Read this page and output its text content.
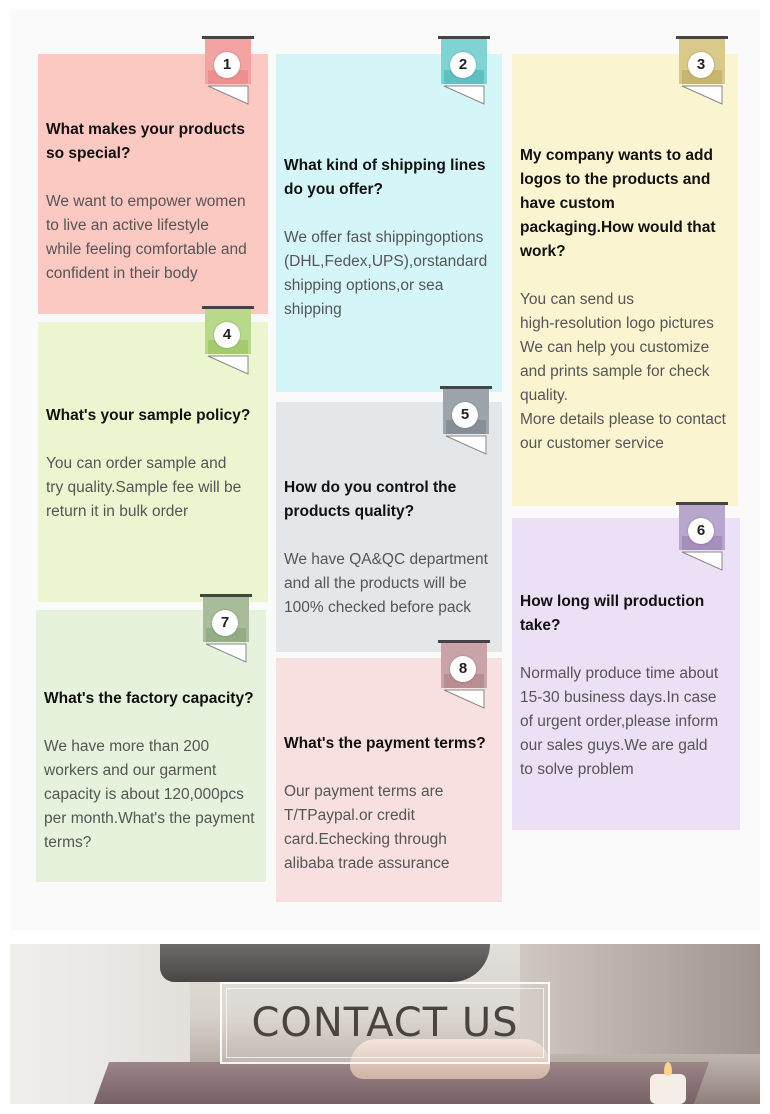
What makes your products
so special?
We want to empower women
to live an active lifestyle
while feeling comfortable and
confident in their body
1
What kind of shipping lines
do you offer?
We offer fast shippingoptions
(DHL,Fedex,UPS),orstandard
shipping options,or sea
shipping
2
My company wants to add
logos to the products and
have custom
packaging.How would that
work?
You can send us
high-resolution logo pictures
We can help you customize
and prints sample for check
quality.
More details please to contact
our customer service
3
What's your sample policy?
You can order sample and
try quality.Sample fee will be
return it in bulk order
4
How do you control the
products quality?
We have QA&QC department
and all the products will be
100% checked before pack
5
How long will production
take?
Normally produce time about
15-30 business days.In case
of urgent order,please inform
our sales guys.We are gald
to solve problem
6
What's the factory capacity?
We have more than 200
workers and our garment
capacity is about 120,000pcs
per month.What's the payment
terms?
7
What's the payment terms?
Our payment terms are
T/TPaypal.or credit
card.Echecking through
alibaba trade assurance
8
CONTACT US
